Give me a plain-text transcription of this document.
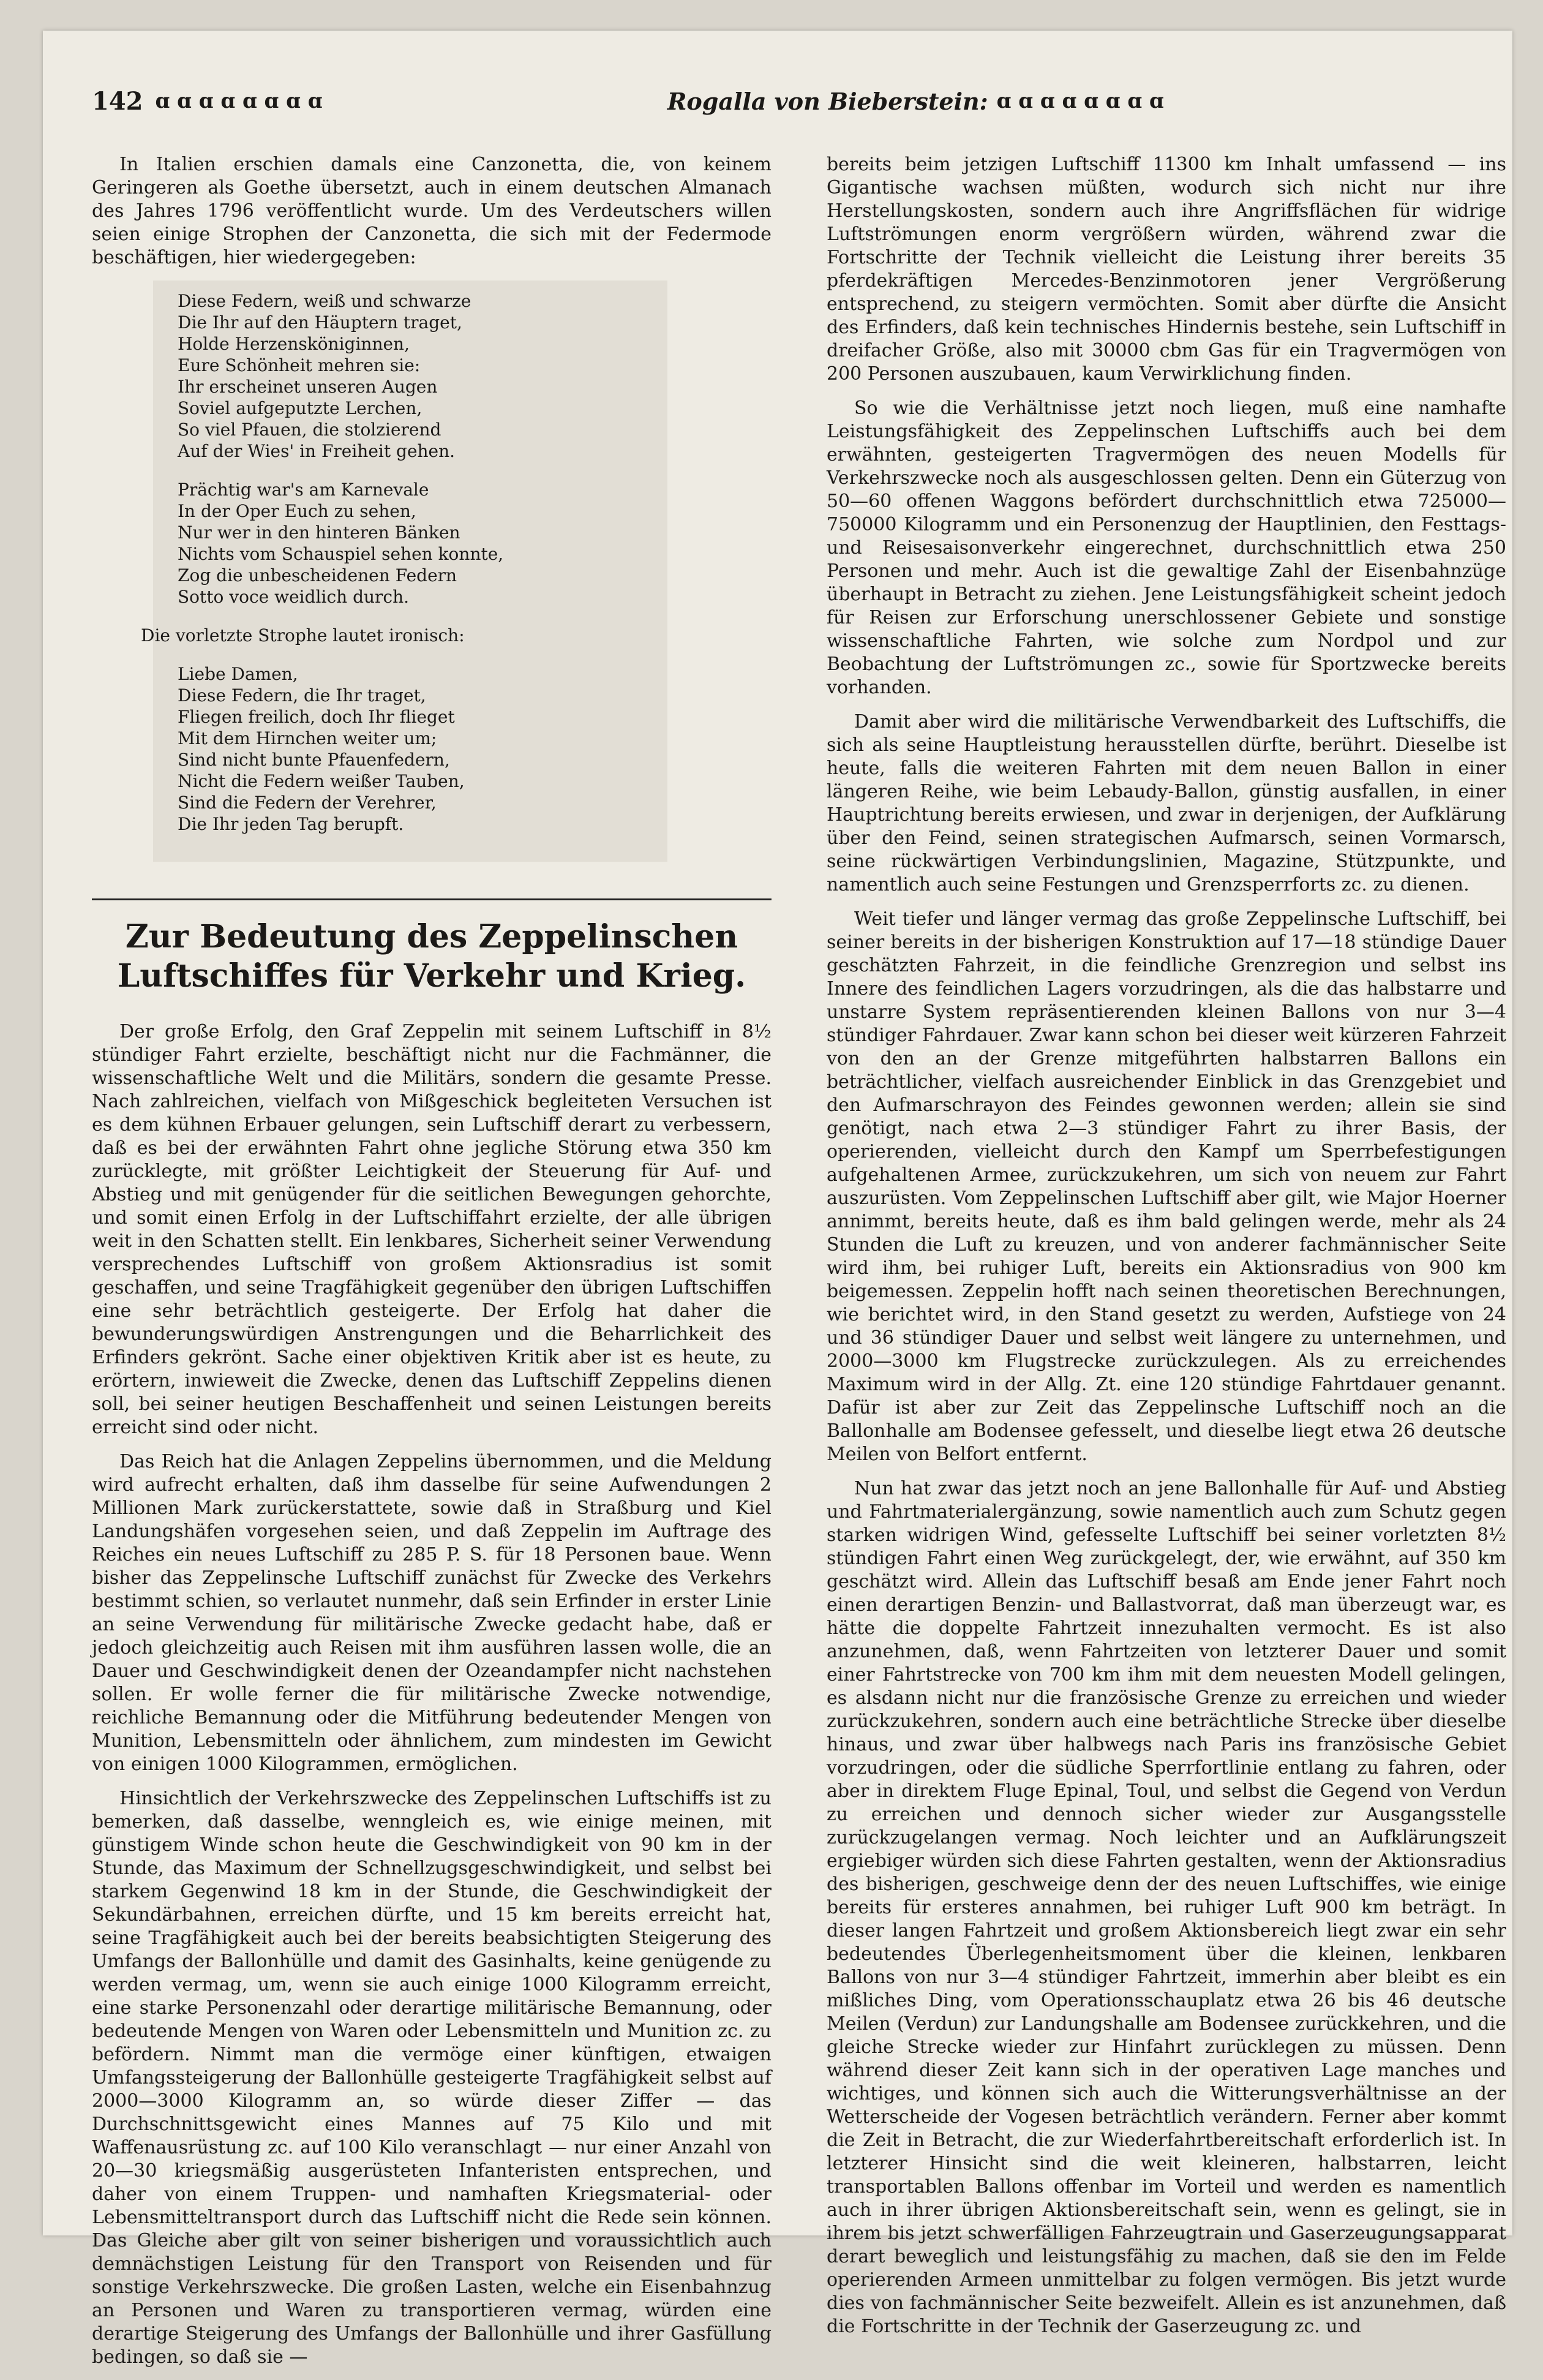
142 ɑ ɑ ɑ ɑ ɑ ɑ ɑ ɑ	Rogalla von Bieberstein: ɑ ɑ ɑ ɑ ɑ ɑ ɑ ɑ

In Italien erschien damals eine Canzonetta, die, von keinem Geringeren als Goethe übersetzt, auch in einem deutschen Almanach des Jahres 1796 veröffentlicht wurde. Um des Verdeutschers willen seien einige Strophen der Canzonetta, die sich mit der Federmode beschäftigen, hier wiedergegeben:

Diese Federn, weiß und schwarze
Die Ihr auf den Häuptern traget,
Holde Herzensköniginnen,
Eure Schönheit mehren sie:
Ihr erscheinet unseren Augen
Soviel aufgeputzte Lerchen,
So viel Pfauen, die stolzierend
Auf der Wies' in Freiheit gehen.
Prächtig war's am Karnevale
In der Oper Euch zu sehen,
Nur wer in den hinteren Bänken
Nichts vom Schauspiel sehen konnte,
Zog die unbescheidenen Federn
Sotto voce weidlich durch.
Die vorletzte Strophe lautet ironisch:
Liebe Damen,
Diese Federn, die Ihr traget,
Fliegen freilich, doch Ihr flieget
Mit dem Hirnchen weiter um;
Sind nicht bunte Pfauenfedern,
Nicht die Federn weißer Tauben,
Sind die Federn der Verehrer,
Die Ihr jeden Tag berupft.
Zur Bedeutung des Zeppelinschen Luftschiffes für Verkehr und Krieg.

Der große Erfolg, den Graf Zeppelin mit seinem Luftschiff in 8½ stündiger Fahrt erzielte, beschäftigt nicht nur die Fachmänner, die wissenschaftliche Welt und die Militärs, sondern die gesamte Presse. Nach zahlreichen, vielfach von Mißgeschick begleiteten Versuchen ist es dem kühnen Erbauer gelungen, sein Luftschiff derart zu verbessern, daß es bei der erwähnten Fahrt ohne jegliche Störung etwa 350 km zurücklegte, mit größter Leichtigkeit der Steuerung für Auf- und Abstieg und mit genügender für die seitlichen Bewegungen gehorchte, und somit einen Erfolg in der Luftschiffahrt erzielte, der alle übrigen weit in den Schatten stellt. Ein lenkbares, Sicherheit seiner Verwendung versprechendes Luftschiff von großem Aktionsradius ist somit geschaffen, und seine Tragfähigkeit gegenüber den übrigen Luftschiffen eine sehr beträchtlich gesteigerte. Der Erfolg hat daher die bewunderungswürdigen Anstrengungen und die Beharrlichkeit des Erfinders gekrönt. Sache einer objektiven Kritik aber ist es heute, zu erörtern, inwieweit die Zwecke, denen das Luftschiff Zeppelins dienen soll, bei seiner heutigen Beschaffenheit und seinen Leistungen bereits erreicht sind oder nicht.

Das Reich hat die Anlagen Zeppelins übernommen, und die Meldung wird aufrecht erhalten, daß ihm dasselbe für seine Aufwendungen 2 Millionen Mark zurückerstattete, sowie daß in Straßburg und Kiel Landungshäfen vorgesehen seien, und daß Zeppelin im Auftrage des Reiches ein neues Luftschiff zu 285 P. S. für 18 Personen baue. Wenn bisher das Zeppelinsche Luftschiff zunächst für Zwecke des Verkehrs bestimmt schien, so verlautet nunmehr, daß sein Erfinder in erster Linie an seine Verwendung für militärische Zwecke gedacht habe, daß er jedoch gleichzeitig auch Reisen mit ihm ausführen lassen wolle, die an Dauer und Geschwindigkeit denen der Ozeandampfer nicht nachstehen sollen. Er wolle ferner die für militärische Zwecke notwendige, reichliche Bemannung oder die Mitführung bedeutender Mengen von Munition, Lebensmitteln oder ähnlichem, zum mindesten im Gewicht von einigen 1000 Kilogrammen, ermöglichen.

Hinsichtlich der Verkehrszwecke des Zeppelinschen Luftschiffs ist zu bemerken, daß dasselbe, wenngleich es, wie einige meinen, mit günstigem Winde schon heute die Geschwindigkeit von 90 km in der Stunde, das Maximum der Schnellzugsgeschwindigkeit, und selbst bei starkem Gegenwind 18 km in der Stunde, die Geschwindigkeit der Sekundärbahnen, erreichen dürfte, und 15 km bereits erreicht hat, seine Tragfähigkeit auch bei der bereits beabsichtigten Steigerung des Umfangs der Ballonhülle und damit des Gasinhalts, keine genügende zu werden vermag, um, wenn sie auch einige 1000 Kilogramm erreicht, eine starke Personenzahl oder derartige militärische Bemannung, oder bedeutende Mengen von Waren oder Lebensmitteln und Munition zc. zu befördern. Nimmt man die vermöge einer künftigen, etwaigen Umfangssteigerung der Ballonhülle gesteigerte Tragfähigkeit selbst auf 2000—3000 Kilogramm an, so würde dieser Ziffer — das Durchschnittsgewicht eines Mannes auf 75 Kilo und mit Waffenausrüstung zc. auf 100 Kilo veranschlagt — nur einer Anzahl von 20—30 kriegsmäßig ausgerüsteten Infanteristen entsprechen, und daher von einem Truppen- und namhaften Kriegsmaterial- oder Lebensmitteltransport durch das Luftschiff nicht die Rede sein können. Das Gleiche aber gilt von seiner bisherigen und voraussichtlich auch demnächstigen Leistung für den Transport von Reisenden und für sonstige Verkehrszwecke. Die großen Lasten, welche ein Eisenbahnzug an Personen und Waren zu transportieren vermag, würden eine derartige Steigerung des Umfangs der Ballonhülle und ihrer Gasfüllung bedingen, so daß sie —

bereits beim jetzigen Luftschiff 11300 km Inhalt umfassend — ins Gigantische wachsen müßten, wodurch sich nicht nur ihre Herstellungskosten, sondern auch ihre Angriffsflächen für widrige Luftströmungen enorm vergrößern würden, während zwar die Fortschritte der Technik vielleicht die Leistung ihrer bereits 35 pferdekräftigen Mercedes-Benzinmotoren jener Vergrößerung entsprechend, zu steigern vermöchten. Somit aber dürfte die Ansicht des Erfinders, daß kein technisches Hindernis bestehe, sein Luftschiff in dreifacher Größe, also mit 30000 cbm Gas für ein Tragvermögen von 200 Personen auszubauen, kaum Verwirklichung finden.

So wie die Verhältnisse jetzt noch liegen, muß eine namhafte Leistungsfähigkeit des Zeppelinschen Luftschiffs auch bei dem erwähnten, gesteigerten Tragvermögen des neuen Modells für Verkehrszwecke noch als ausgeschlossen gelten. Denn ein Güterzug von 50—60 offenen Waggons befördert durchschnittlich etwa 725000—750000 Kilogramm und ein Personenzug der Hauptlinien, den Festtags- und Reisesaisonverkehr eingerechnet, durchschnittlich etwa 250 Personen und mehr. Auch ist die gewaltige Zahl der Eisenbahnzüge überhaupt in Betracht zu ziehen. Jene Leistungsfähigkeit scheint jedoch für Reisen zur Erforschung unerschlossener Gebiete und sonstige wissenschaftliche Fahrten, wie solche zum Nordpol und zur Beobachtung der Luftströmungen zc., sowie für Sportzwecke bereits vorhanden.

Damit aber wird die militärische Verwendbarkeit des Luftschiffs, die sich als seine Hauptleistung herausstellen dürfte, berührt. Dieselbe ist heute, falls die weiteren Fahrten mit dem neuen Ballon in einer längeren Reihe, wie beim Lebaudy-Ballon, günstig ausfallen, in einer Hauptrichtung bereits erwiesen, und zwar in derjenigen, der Aufklärung über den Feind, seinen strategischen Aufmarsch, seinen Vormarsch, seine rückwärtigen Verbindungslinien, Magazine, Stützpunkte, und namentlich auch seine Festungen und Grenzsperrforts zc. zu dienen.

Weit tiefer und länger vermag das große Zeppelinsche Luftschiff, bei seiner bereits in der bisherigen Konstruktion auf 17—18 stündige Dauer geschätzten Fahrzeit, in die feindliche Grenzregion und selbst ins Innere des feindlichen Lagers vorzudringen, als die das halbstarre und unstarre System repräsentierenden kleinen Ballons von nur 3—4 stündiger Fahrdauer. Zwar kann schon bei dieser weit kürzeren Fahrzeit von den an der Grenze mitgeführten halbstarren Ballons ein beträchtlicher, vielfach ausreichender Einblick in das Grenzgebiet und den Aufmarschrayon des Feindes gewonnen werden; allein sie sind genötigt, nach etwa 2—3 stündiger Fahrt zu ihrer Basis, der operierenden, vielleicht durch den Kampf um Sperrbefestigungen aufgehaltenen Armee, zurückzukehren, um sich von neuem zur Fahrt auszurüsten. Vom Zeppelinschen Luftschiff aber gilt, wie Major Hoerner annimmt, bereits heute, daß es ihm bald gelingen werde, mehr als 24 Stunden die Luft zu kreuzen, und von anderer fachmännischer Seite wird ihm, bei ruhiger Luft, bereits ein Aktionsradius von 900 km beigemessen. Zeppelin hofft nach seinen theoretischen Berechnungen, wie berichtet wird, in den Stand gesetzt zu werden, Aufstiege von 24 und 36 stündiger Dauer und selbst weit längere zu unternehmen, und 2000—3000 km Flugstrecke zurückzulegen. Als zu erreichendes Maximum wird in der Allg. Zt. eine 120 stündige Fahrtdauer genannt. Dafür ist aber zur Zeit das Zeppelinsche Luftschiff noch an die Ballonhalle am Bodensee gefesselt, und dieselbe liegt etwa 26 deutsche Meilen von Belfort entfernt.

Nun hat zwar das jetzt noch an jene Ballonhalle für Auf- und Abstieg und Fahrtmaterialergänzung, sowie namentlich auch zum Schutz gegen starken widrigen Wind, gefesselte Luftschiff bei seiner vorletzten 8½ stündigen Fahrt einen Weg zurückgelegt, der, wie erwähnt, auf 350 km geschätzt wird. Allein das Luftschiff besaß am Ende jener Fahrt noch einen derartigen Benzin- und Ballastvorrat, daß man überzeugt war, es hätte die doppelte Fahrtzeit innezuhalten vermocht. Es ist also anzunehmen, daß, wenn Fahrtzeiten von letzterer Dauer und somit einer Fahrtstrecke von 700 km ihm mit dem neuesten Modell gelingen, es alsdann nicht nur die französische Grenze zu erreichen und wieder zurückzukehren, sondern auch eine beträchtliche Strecke über dieselbe hinaus, und zwar über halbwegs nach Paris ins französische Gebiet vorzudringen, oder die südliche Sperrfortlinie entlang zu fahren, oder aber in direktem Fluge Epinal, Toul, und selbst die Gegend von Verdun zu erreichen und dennoch sicher wieder zur Ausgangsstelle zurückzugelangen vermag. Noch leichter und an Aufklärungszeit ergiebiger würden sich diese Fahrten gestalten, wenn der Aktionsradius des bisherigen, geschweige denn der des neuen Luftschiffes, wie einige bereits für ersteres annahmen, bei ruhiger Luft 900 km beträgt. In dieser langen Fahrtzeit und großem Aktionsbereich liegt zwar ein sehr bedeutendes Überlegenheitsmoment über die kleinen, lenkbaren Ballons von nur 3—4 stündiger Fahrtzeit, immerhin aber bleibt es ein mißliches Ding, vom Operationsschauplatz etwa 26 bis 46 deutsche Meilen (Verdun) zur Landungshalle am Bodensee zurückkehren, und die gleiche Strecke wieder zur Hinfahrt zurücklegen zu müssen. Denn während dieser Zeit kann sich in der operativen Lage manches und wichtiges, und können sich auch die Witterungsverhältnisse an der Wetterscheide der Vogesen beträchtlich verändern. Ferner aber kommt die Zeit in Betracht, die zur Wiederfahrtbereitschaft erforderlich ist. In letzterer Hinsicht sind die weit kleineren, halbstarren, leicht transportablen Ballons offenbar im Vorteil und werden es namentlich auch in ihrer übrigen Aktionsbereitschaft sein, wenn es gelingt, sie in ihrem bis jetzt schwerfälligen Fahrzeugtrain und Gaserzeugungsapparat derart beweglich und leistungsfähig zu machen, daß sie den im Felde operierenden Armeen unmittelbar zu folgen vermögen. Bis jetzt wurde dies von fachmännischer Seite bezweifelt. Allein es ist anzunehmen, daß die Fortschritte in der Technik der Gaserzeugung zc. und
